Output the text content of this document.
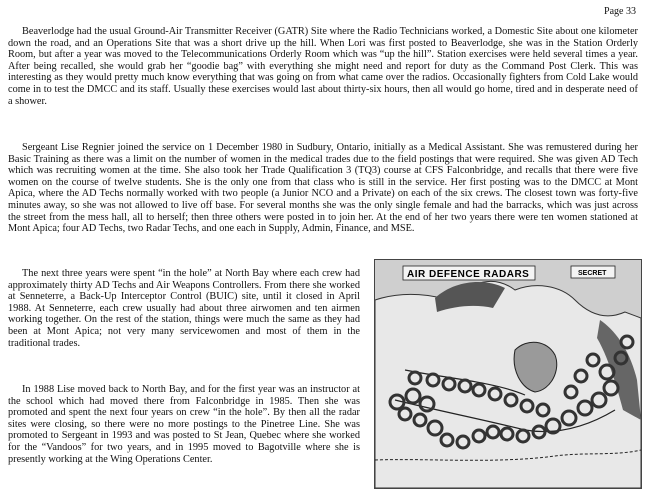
Page 33

Beaverlodge had the usual Ground-Air Transmitter Receiver (GATR) Site where the Radio Technicians worked, a Domestic Site about one kilometer down the road, and an Operations Site that was a short drive up the hill. When Lori was first posted to Beaverlodge, she was in the Station Orderly Room, but after a year was moved to the Telecommunications Orderly Room which was “up the hill”. Station exercises were held several times a year. After being recalled, she would grab her “goodie bag” with everything she might need and report for duty as the Command Post Clerk. This was interesting as they would pretty much know everything that was going on from what came over the radios. Occasionally fighters from Cold Lake would come in to test the DMCC and its staff. Usually these exercises would last about thirty-six hours, then all would go home, tired and in desperate need of a shower.

Sergeant Lise Regnier joined the service on 1 December 1980 in Sudbury, Ontario, initially as a Medical Assistant. She was remustered during her Basic Training as there was a limit on the number of women in the medical trades due to the field postings that were required. She was given AD Tech which was recruiting women at the time. She also took her Trade Qualification 3 (TQ3) course at CFS Falconbridge, and recalls that there were five women on the course of twelve students. She is the only one from that class who is still in the service. Her first posting was to the DMCC at Mont Apica, where the AD Techs normally worked with two people (a Junior NCO and a Private) on each of the six crews. The closest town was forty-five minutes away, so she was not allowed to live off base. For several months she was the only single female and had the barracks, which was just across the street from the mess hall, all to herself; then three others were posted in to join her. At the end of her two years there were ten women stationed at Mont Apica; four AD Techs, two Radar Techs, and one each in Supply, Admin, Finance, and MSE.

The next three years were spent “in the hole” at North Bay where each crew had approximately thirty AD Techs and Air Weapons Controllers. From there she worked at Senneterre, a Back-Up Interceptor Control (BUIC) site, until it closed in April 1988. At Senneterre, each crew usually had about three airwomen and ten airmen working together. On the rest of the station, things were much the same as they had been at Mont Apica; not very many servicewomen and most of them in the traditional trades.

In 1988 Lise moved back to North Bay, and for the first year was an instructor at the school which had moved there from Falconbridge in 1985. Then she was promoted and spent the next four years on crew “in the hole”. By then all the radar sites were closing, so there were no more postings to the Pinetree Line. She was promoted to Sergeant in 1993 and was posted to St Jean, Quebec where she worked for the “Vandoos” for two years, and in 1995 moved to Bagotville where she is presently working at the Wing Operations Center.

AIR DEFENCE RADARS	SECRET
